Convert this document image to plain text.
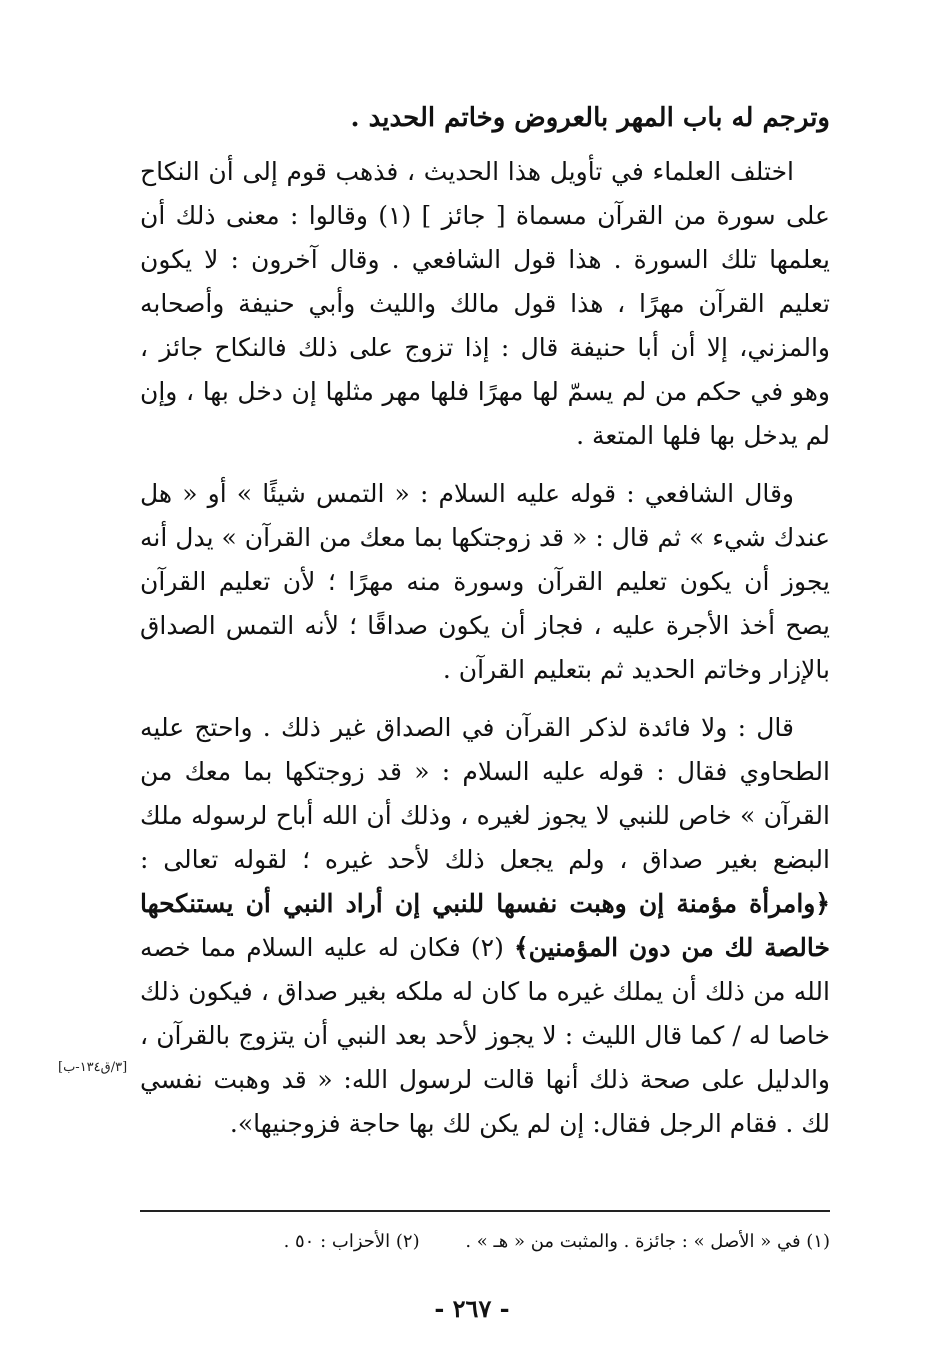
وترجم له باب المهر بالعروض وخاتم الحديد .

اختلف العلماء في تأويل هذا الحديث ، فذهب قوم إلى أن النكاح على سورة من القرآن مسماة [ جائز ] (١) وقالوا : معنى ذلك أن يعلمها تلك السورة . هذا قول الشافعي . وقال آخرون : لا يكون تعليم القرآن مهرًا ، هذا قول مالك والليث وأبي حنيفة وأصحابه والمزني، إلا أن أبا حنيفة قال : إذا تزوج على ذلك فالنكاح جائز ، وهو في حكم من لم يسمّ لها مهرًا فلها مهر مثلها إن دخل بها ، وإن لم يدخل بها فلها المتعة .

وقال الشافعي : قوله عليه السلام : « التمس شيئًا » أو « هل عندك شيء » ثم قال : « قد زوجتكها بما معك من القرآن » يدل أنه يجوز أن يكون تعليم القرآن وسورة منه مهرًا ؛ لأن تعليم القرآن يصح أخذ الأجرة عليه ، فجاز أن يكون صداقًا ؛ لأنه التمس الصداق بالإزار وخاتم الحديد ثم بتعليم القرآن .

قال : ولا فائدة لذكر القرآن في الصداق غير ذلك . واحتج عليه الطحاوي فقال : قوله عليه السلام : « قد زوجتكها بما معك من القرآن » خاص للنبي لا يجوز لغيره ، وذلك أن الله أباح لرسوله ملك البضع بغير صداق ، ولم يجعل ذلك لأحد غيره ؛ لقوله تعالى : ﴿وامرأة مؤمنة إن وهبت نفسها للنبي إن أراد النبي أن يستنكحها خالصة لك من دون المؤمنين﴾ (٢) فكان له عليه السلام مما خصه الله من ذلك أن يملك غيره ما كان له ملكه بغير صداق ، فيكون ذلك خاصا له / كما قال الليث : لا يجوز لأحد بعد النبي أن يتزوج بالقرآن ، والدليل على صحة ذلك أنها قالت لرسول الله: « قد وهبت نفسي لك . فقام الرجل فقال: إن لم يكن لك بها حاجة فزوجنيها».

[٣/ق١٣٤-ب]
(١) في « الأصل » : جائزة . والمثبت من « هـ » . (٢) الأحزاب : ٥٠ .
- ٢٦٧ -
